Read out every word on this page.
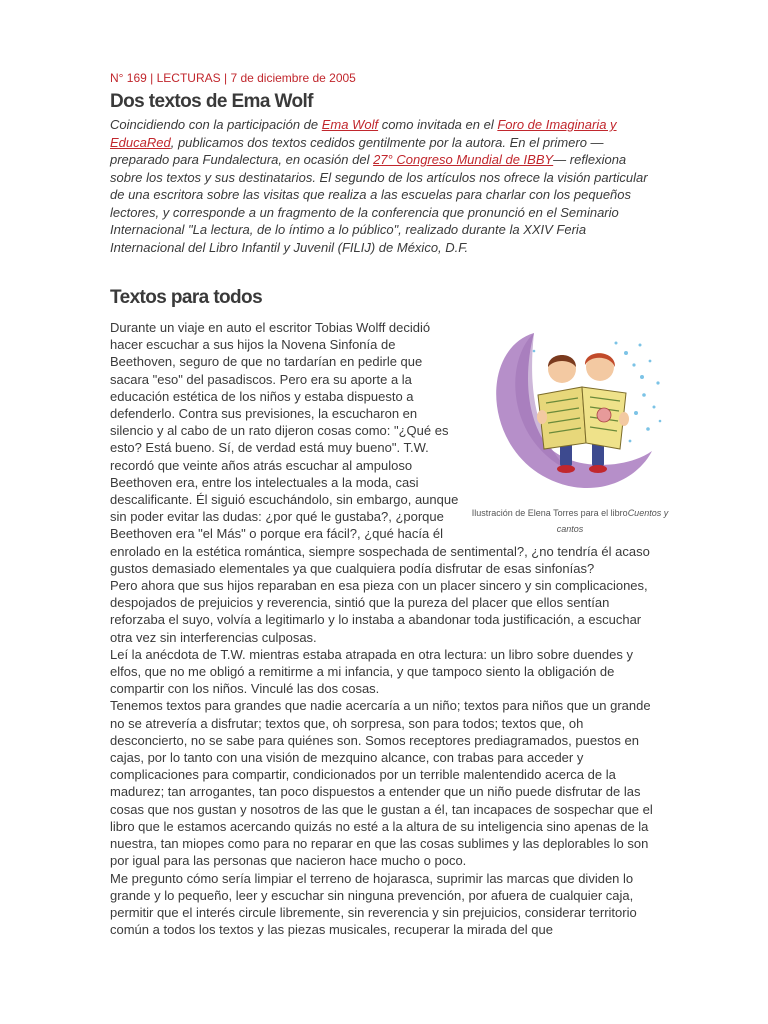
N° 169 | LECTURAS | 7 de diciembre de 2005
Dos textos de Ema Wolf

Coincidiendo con la participación de Ema Wolf como invitada en el Foro de Imaginaria y EducaRed, publicamos dos textos cedidos gentilmente por la autora. En el primero — preparado para Fundalectura, en ocasión del 27° Congreso Mundial de IBBY— reflexiona sobre los textos y sus destinatarios. El segundo de los artículos nos ofrece la visión particular de una escritora sobre las visitas que realiza a las escuelas para charlar con los pequeños lectores, y corresponde a un fragmento de la conferencia que pronunció en el Seminario Internacional "La lectura, de lo íntimo a lo público", realizado durante la XXIV Feria Internacional del Libro Infantil y Juvenil (FILIJ) de México, D.F.

Textos para todos
Ilustración de Elena Torres para el libroCuentos y cantos

Durante un viaje en auto el escritor Tobias Wolff decidió hacer escuchar a sus hijos la Novena Sinfonía de Beethoven, seguro de que no tardarían en pedirle que sacara "eso" del pasadiscos. Pero era su aporte a la educación estética de los niños y estaba dispuesto a defenderlo. Contra sus previsiones, la escucharon en silencio y al cabo de un rato dijeron cosas como: "¿Qué es esto? Está bueno. Sí, de verdad está muy bueno". T.W. recordó que veinte años atrás escuchar al ampuloso Beethoven era, entre los intelectuales a la moda, casi descalificante. Él siguió escuchándolo, sin embargo, aunque sin poder evitar las dudas: ¿por qué le gustaba?, ¿porque Beethoven era "el Más" o porque era fácil?, ¿qué hacía él enrolado en la estética romántica, siempre sospechada de sentimental?, ¿no tendría él acaso gustos demasiado elementales ya que cualquiera podía disfrutar de esas sinfonías?

Pero ahora que sus hijos reparaban en esa pieza con un placer sincero y sin complicaciones, despojados de prejuicios y reverencia, sintió que la pureza del placer que ellos sentían reforzaba el suyo, volvía a legitimarlo y lo instaba a abandonar toda justificación, a escuchar otra vez sin interferencias culposas.

Leí la anécdota de T.W. mientras estaba atrapada en otra lectura: un libro sobre duendes y elfos, que no me obligó a remitirme a mi infancia, y que tampoco siento la obligación de compartir con los niños. Vinculé las dos cosas.

Tenemos textos para grandes que nadie acercaría a un niño; textos para niños que un grande no se atrevería a disfrutar; textos que, oh sorpresa, son para todos; textos que, oh desconcierto, no se sabe para quiénes son. Somos receptores prediagramados, puestos en cajas, por lo tanto con una visión de mezquino alcance, con trabas para acceder y complicaciones para compartir, condicionados por un terrible malentendido acerca de la madurez; tan arrogantes, tan poco dispuestos a entender que un niño puede disfrutar de las cosas que nos gustan y nosotros de las que le gustan a él, tan incapaces de sospechar que el libro que le estamos acercando quizás no esté a la altura de su inteligencia sino apenas de la nuestra, tan miopes como para no reparar en que las cosas sublimes y las deplorables lo son por igual para las personas que nacieron hace mucho o poco.

Me pregunto cómo sería limpiar el terreno de hojarasca, suprimir las marcas que dividen lo grande y lo pequeño, leer y escuchar sin ninguna prevención, por afuera de cualquier caja, permitir que el interés circule libremente, sin reverencia y sin prejuicios, considerar territorio común a todos los textos y las piezas musicales, recuperar la mirada del que
